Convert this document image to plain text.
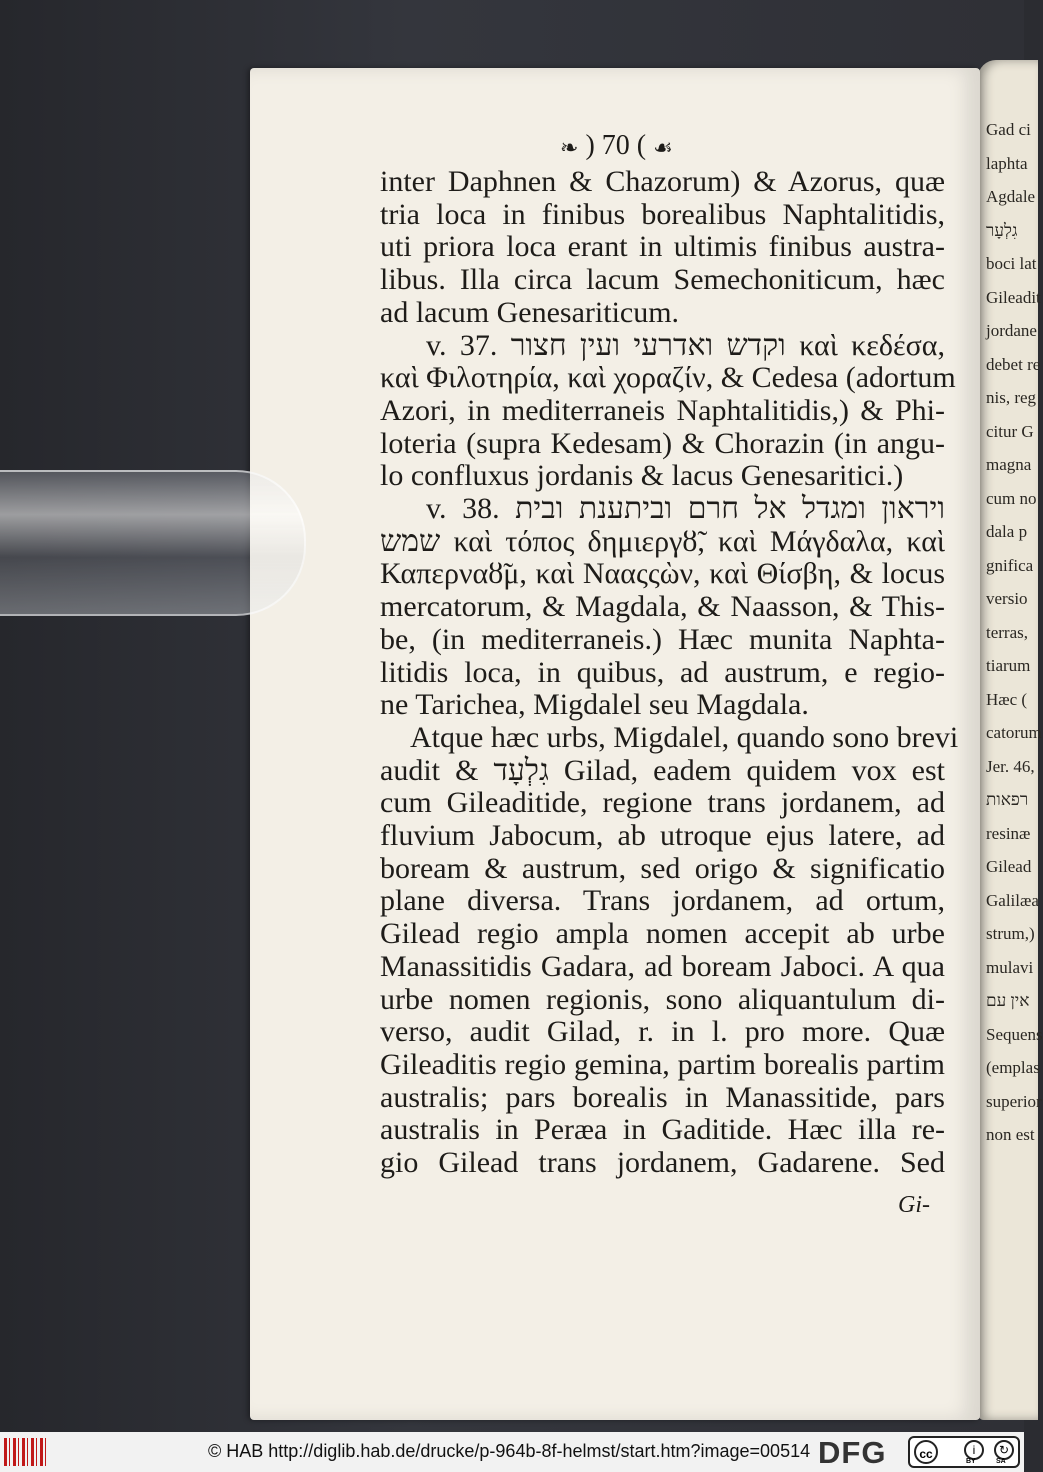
Gad ci
laphta
Agdale
גִלְעָר
boci lat
Gileadit
jordane
debet re
nis, reg
citur G
magna
cum no
dala p
gnifica
versio
terras,
tiarum
Hæc (
catorum
Jer. 46,
רפאות
resinæ
Gilead
Galilæa
strum,)
mulavi
אין עם
Sequens
(emplas
superior
non est
❧ ) 70 ( ☙
inter Daphnen & Chazorum) & Azorus, quæ
tria loca in finibus borealibus Naphtalitidis,
uti priora loca erant in ultimis finibus austra-
libus. Illa circa lacum Semechoniticum, hæc
ad lacum Genesariticum.
v. 37. וקדש ואדרעי ועין חצור καὶ κεδέσα,
καὶ Φιλοτηρία, καὶ χοραζίν, & Cedesa (adortum
Azori, in mediterraneis Naphtalitidis,) & Phi-
loteria (supra Kedesam) & Chorazin (in angu-
lo confluxus jordanis & lacus Genesaritici.)
v. 38. ויראון ומגדל אל חרם וביתענת ובית
שמש καὶ τόπος δημιεργȣ̃, καὶ Μάγδαλα, καὶ
Καπερναȣ̃μ, καὶ Νααςςὼν, καὶ Θίσβη, & locus
mercatorum, & Magdala, & Naasson, & This-
be, (in mediterraneis.) Hæc munita Naphta-
litidis loca, in quibus, ad austrum, e regio-
ne Tarichea, Migdalel seu Magdala.
Atque hæc urbs, Migdalel, quando sono brevi
audit & גִלְעָד Gilad, eadem quidem vox est
cum Gileaditide, regione trans jordanem, ad
fluvium Jabocum, ab utroque ejus latere, ad
boream & austrum, sed origo & significatio
plane diversa. Trans jordanem, ad ortum,
Gilead regio ampla nomen accepit ab urbe
Manassitidis Gadara, ad boream Jaboci. A qua
urbe nomen regionis, sono aliquantulum di-
verso, audit Gilad, r. in l. pro more. Quæ
Gileaditis regio gemina, partim borealis partim
australis; pars borealis in Manassitide, pars
australis in Peræa in Gaditide. Hæc illa re-
gio Gilead trans jordanem, Gadarene. Sed
Gi-
© HAB http://diglib.hab.de/drucke/p-964b-8f-helmst/start.htm?image=00514 DFG	cc	i	↻
BY	SA
